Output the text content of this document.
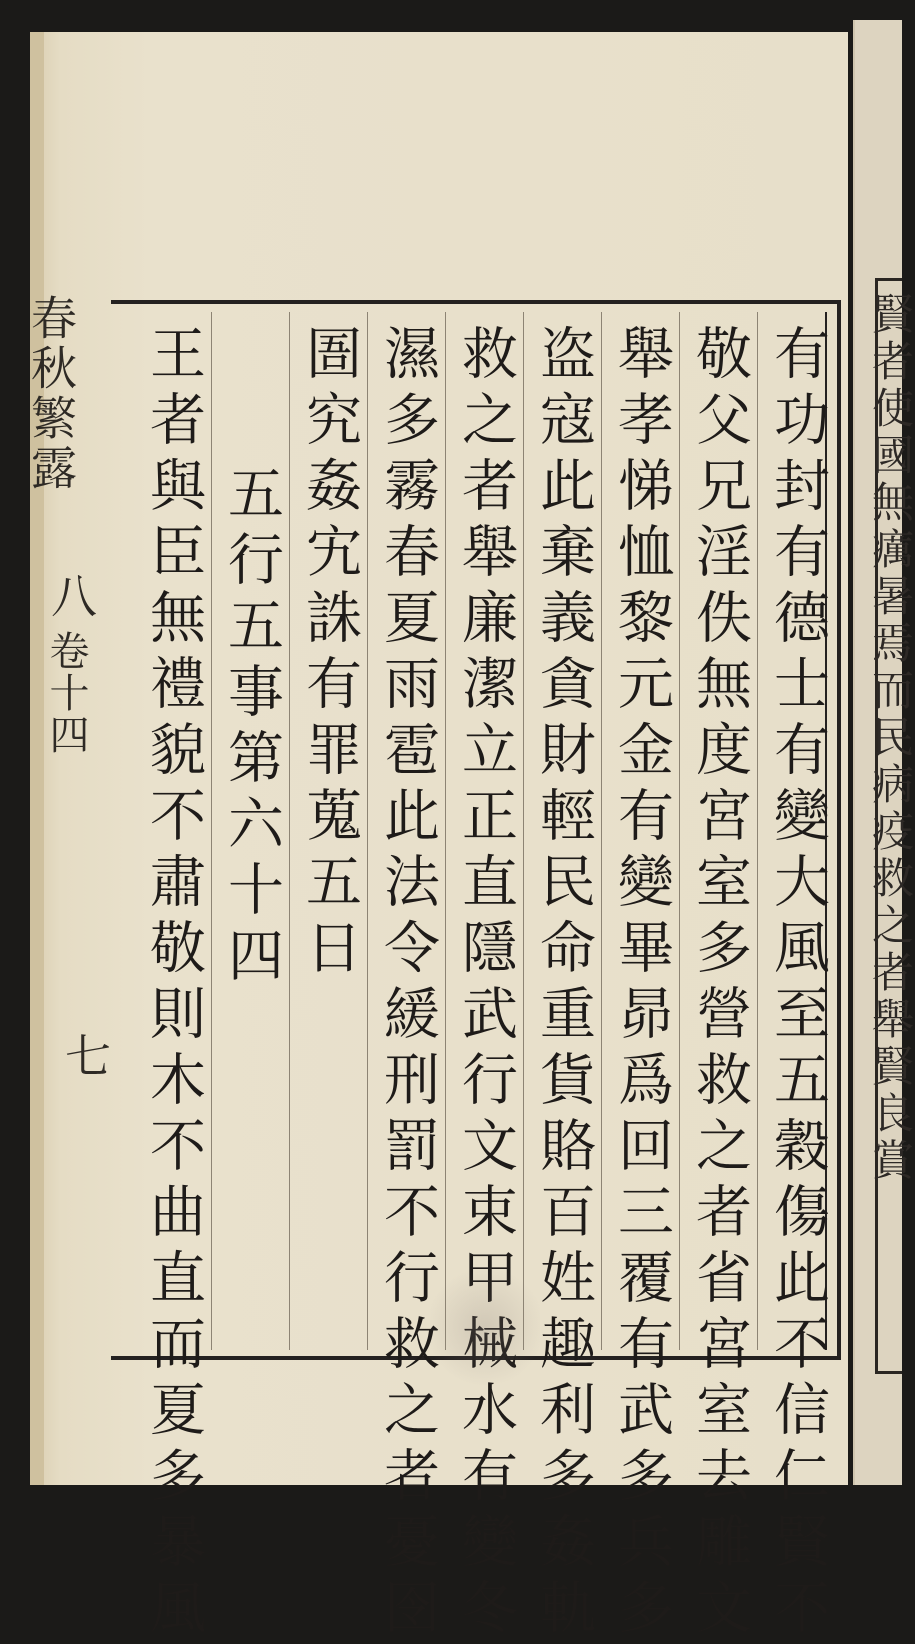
賢者使國無癘暑焉而民病疫救之者舉賢良賞
春秋繁露
八
卷十四
七	有功封有德士有變大風至五穀傷此不信仁賢不
敬父兄淫佚無度宮室多營救之者省宮室去雕文
舉孝悌恤黎元金有變畢昴爲回三覆有武多兵多
盗寇此棄義貪財輕民命重貨賂百姓趣利多姦軌
救之者舉廉潔立正直隱武行文束甲械水有變冬
濕多霧春夏雨雹此法令緩刑罰不行救之者憂囹
圄究姦宄誅有罪蒐五日
五行五事第六十四
王者與臣無禮貌不肅敬則木不曲直而夏多暴風
